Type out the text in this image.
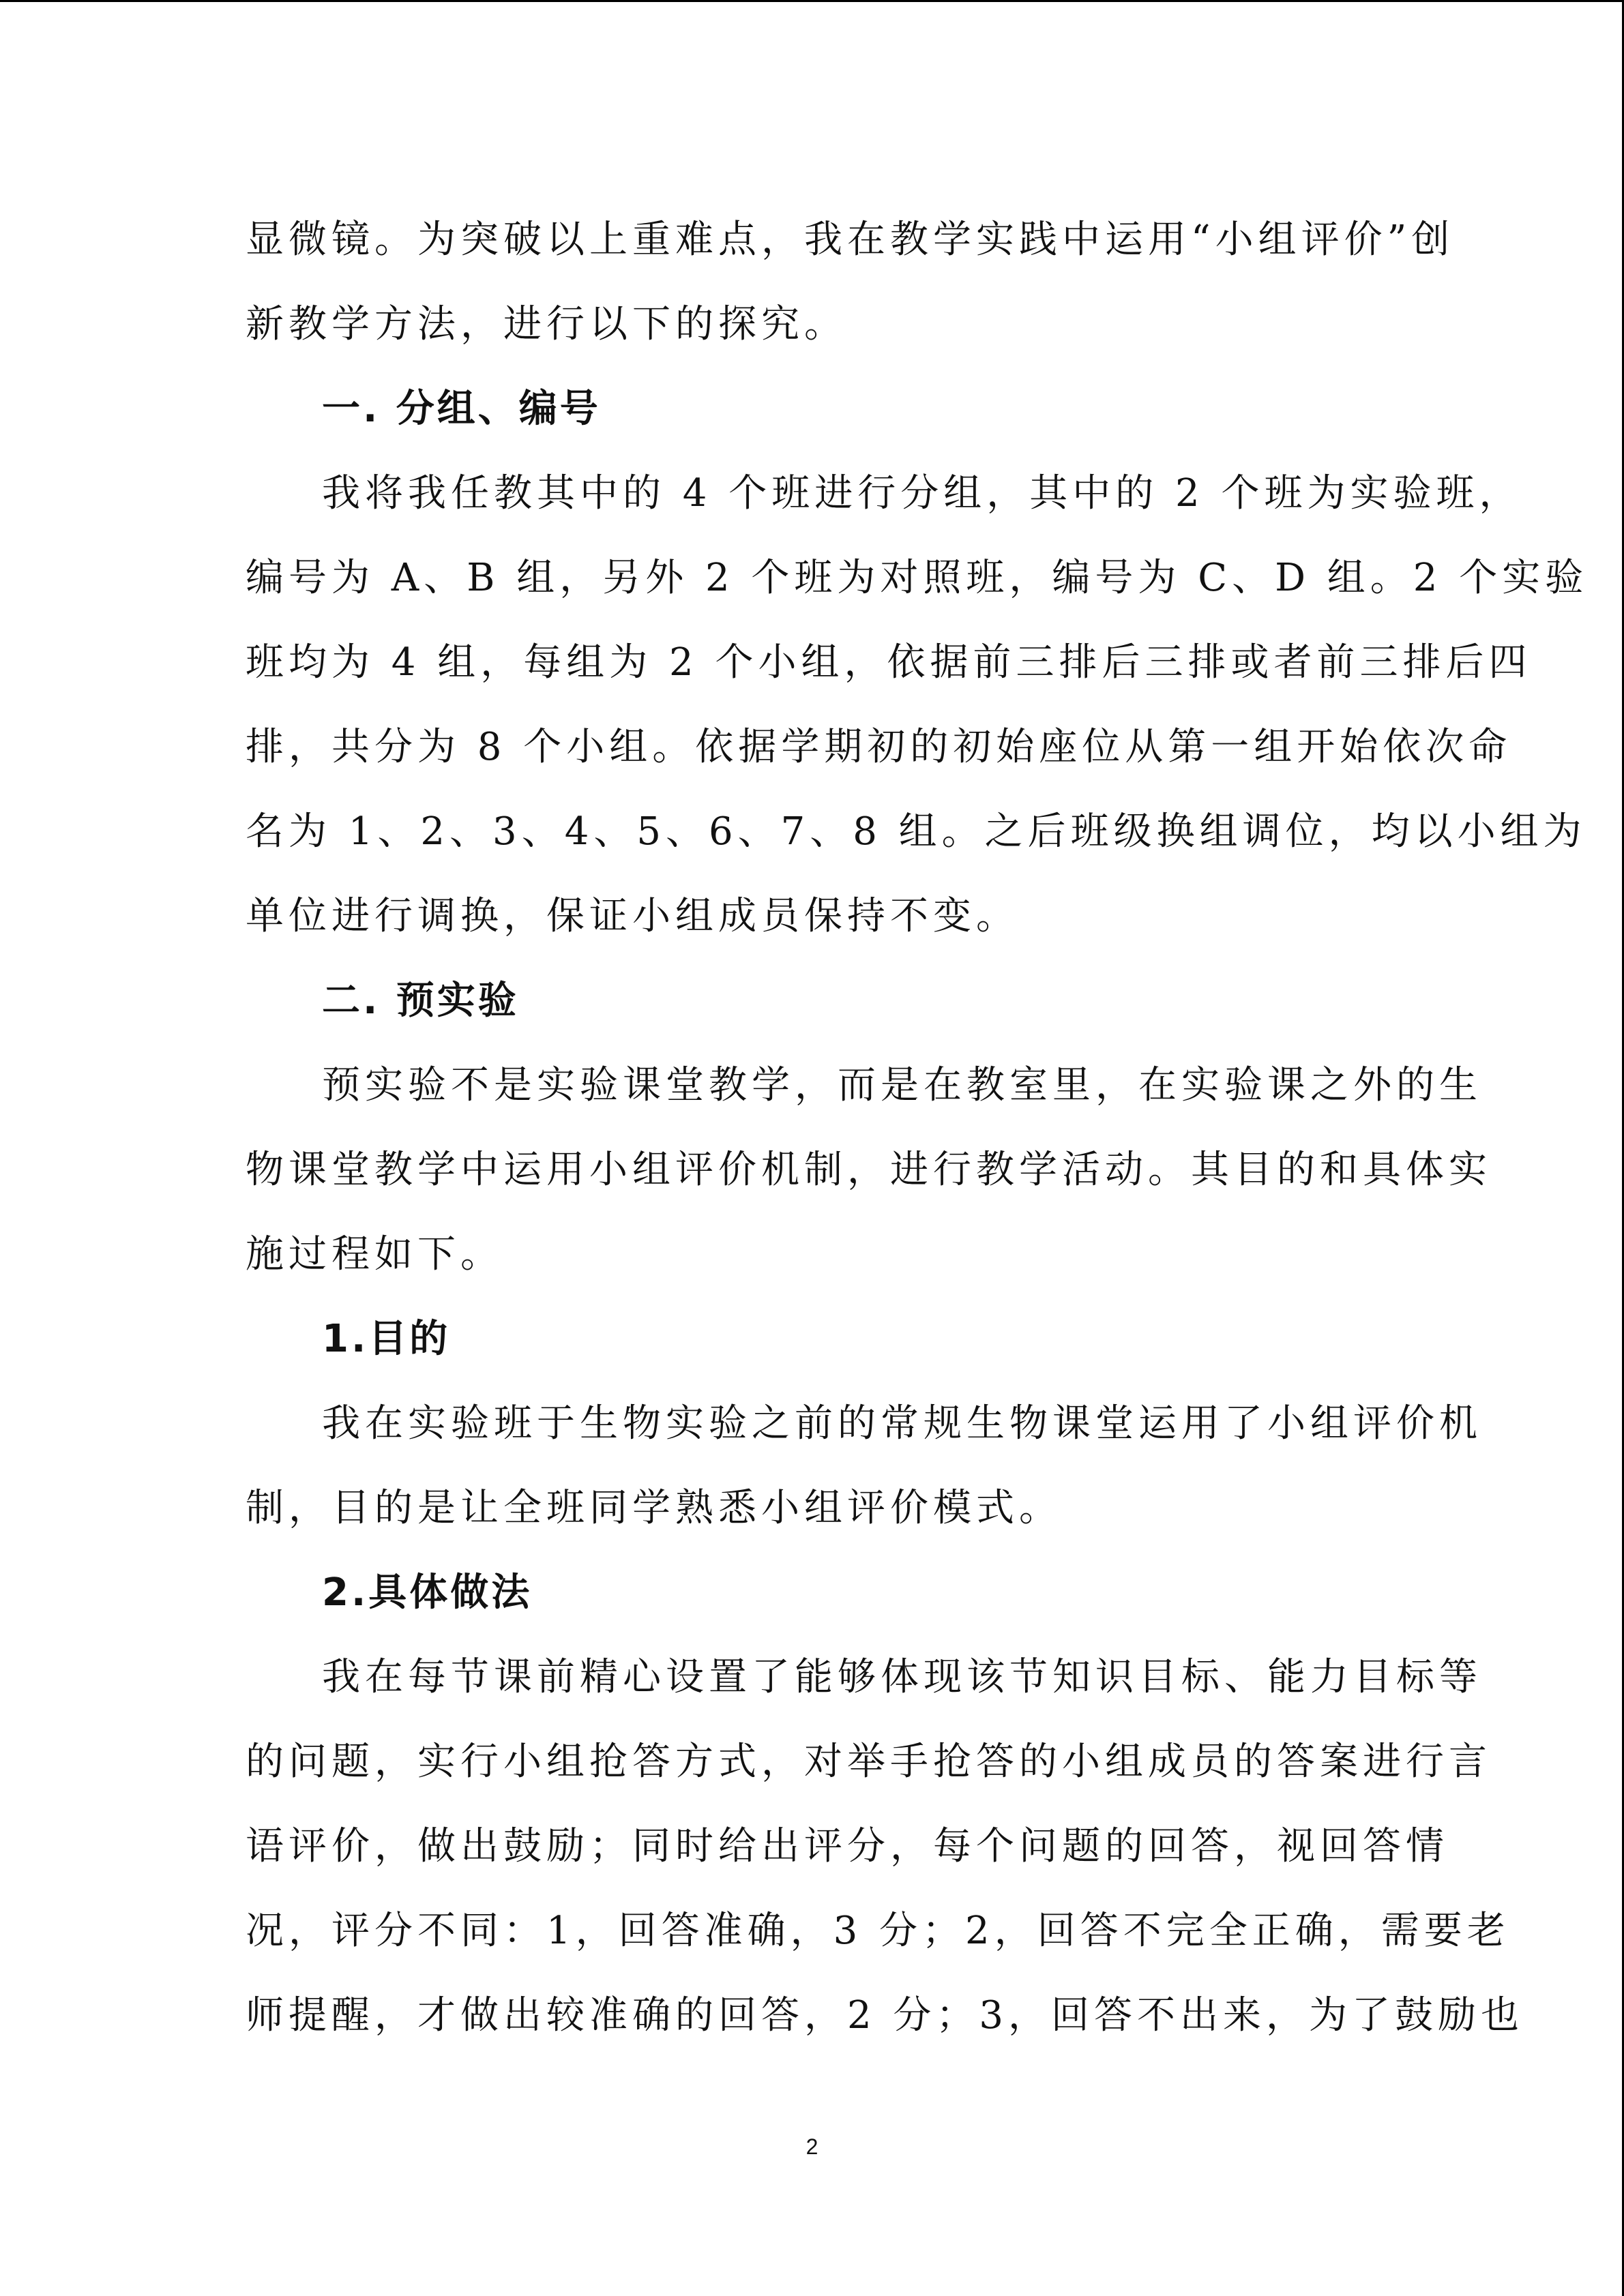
显微镜。为突破以上重难点，我在教学实践中运用“小组评价”创
新教学方法，进行以下的探究。
一. 分组、编号
我将我任教其中的 4 个班进行分组，其中的 2 个班为实验班，
编号为 A、B 组，另外 2 个班为对照班，编号为 C、D 组。2 个实验
班均为 4 组，每组为 2 个小组，依据前三排后三排或者前三排后四
排，共分为 8 个小组。依据学期初的初始座位从第一组开始依次命
名为 1、2、3、4、5、6、7、8 组。之后班级换组调位，均以小组为
单位进行调换，保证小组成员保持不变。
二. 预实验
预实验不是实验课堂教学，而是在教室里，在实验课之外的生
物课堂教学中运用小组评价机制，进行教学活动。其目的和具体实
施过程如下。
1.目的
我在实验班于生物实验之前的常规生物课堂运用了小组评价机
制，目的是让全班同学熟悉小组评价模式。
2.具体做法
我在每节课前精心设置了能够体现该节知识目标、能力目标等
的问题，实行小组抢答方式，对举手抢答的小组成员的答案进行言
语评价，做出鼓励；同时给出评分，每个问题的回答，视回答情
况，评分不同：1，回答准确，3 分；2，回答不完全正确，需要老
师提醒，才做出较准确的回答，2 分；3，回答不出来，为了鼓励也
2
